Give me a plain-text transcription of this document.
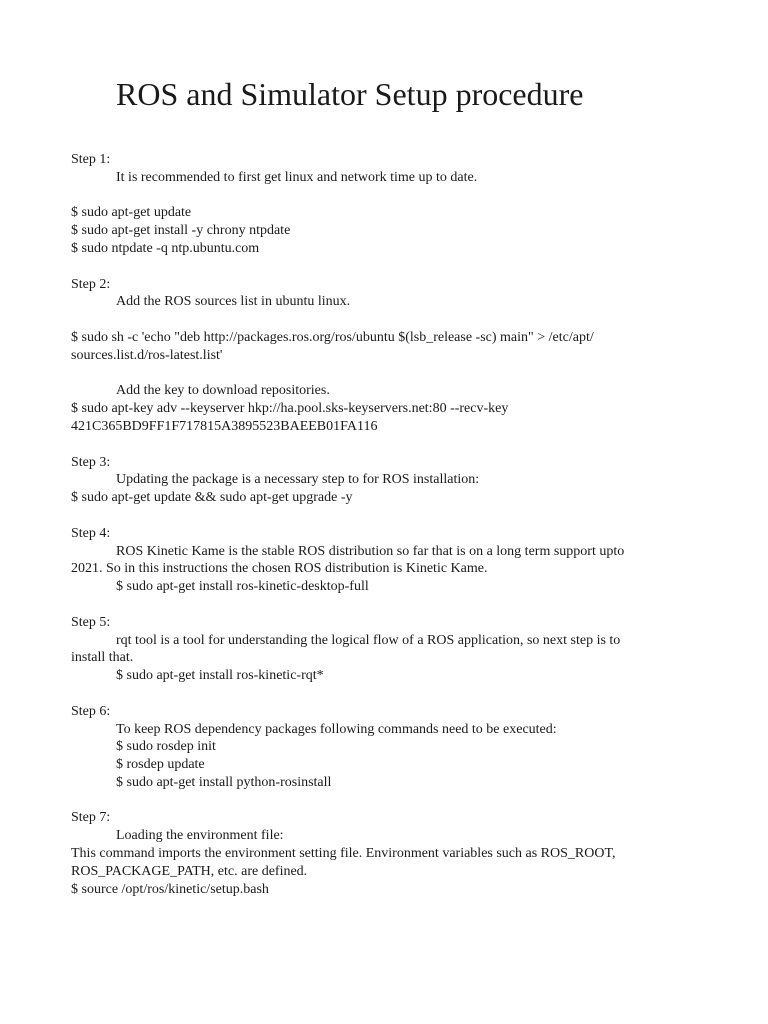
ROS and Simulator Setup procedure
Step 1:
It is recommended to first get linux and network time up to date.
$ sudo apt-get update
$ sudo apt-get install -y chrony ntpdate
$ sudo ntpdate -q ntp.ubuntu.com
Step 2:
Add the ROS sources list in ubuntu linux.
$ sudo sh -c 'echo "deb http://packages.ros.org/ros/ubuntu $(lsb_release -sc) main" > /etc/apt/
sources.list.d/ros-latest.list'
Add the key to download repositories.
$ sudo apt-key adv --keyserver hkp://ha.pool.sks-keyservers.net:80 --recv-key
421C365BD9FF1F717815A3895523BAEEB01FA116
Step 3:
Updating the package is a necessary step to for ROS installation:
$ sudo apt-get update && sudo apt-get upgrade -y
Step 4:
ROS Kinetic Kame is the stable ROS distribution so far that is on a long term support upto
2021. So in this instructions the chosen ROS distribution is Kinetic Kame.
$ sudo apt-get install ros-kinetic-desktop-full
Step 5:
rqt tool is a tool for understanding the logical flow of a ROS application, so next step is to
install that.
$ sudo apt-get install ros-kinetic-rqt*
Step 6:
To keep ROS dependency packages following commands need to be executed:
$ sudo rosdep init
$ rosdep update
$ sudo apt-get install python-rosinstall
Step 7:
Loading the environment file:
This command imports the environment setting file. Environment variables such as ROS_ROOT,
ROS_PACKAGE_PATH, etc. are defined.
$ source /opt/ros/kinetic/setup.bash
